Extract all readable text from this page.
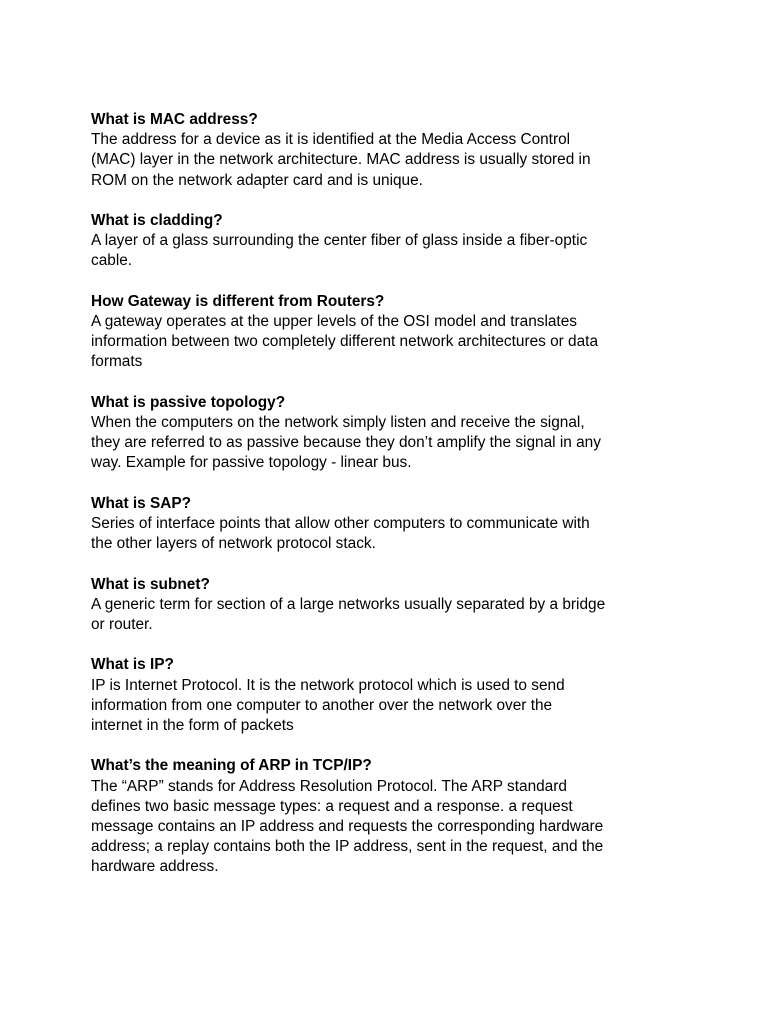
What is MAC address?

The address for a device as it is identified at the Media Access Control
(MAC) layer in the network architecture. MAC address is usually stored in
ROM on the network adapter card and is unique.

What is cladding?

A layer of a glass surrounding the center fiber of glass inside a fiber-optic
cable.

How Gateway is different from Routers?

A gateway operates at the upper levels of the OSI model and translates
information between two completely different network architectures or data
formats

What is passive topology?

When the computers on the network simply listen and receive the signal,
they are referred to as passive because they don’t amplify the signal in any
way. Example for passive topology - linear bus.

What is SAP?

Series of interface points that allow other computers to communicate with
the other layers of network protocol stack.

What is subnet?

A generic term for section of a large networks usually separated by a bridge
or router.

What is IP?

IP is Internet Protocol. It is the network protocol which is used to send
information from one computer to another over the network over the
internet in the form of packets

What’s the meaning of ARP in TCP/IP?

The “ARP” stands for Address Resolution Protocol. The ARP standard
defines two basic message types: a request and a response. a request
message contains an IP address and requests the corresponding hardware
address; a replay contains both the IP address, sent in the request, and the
hardware address.
